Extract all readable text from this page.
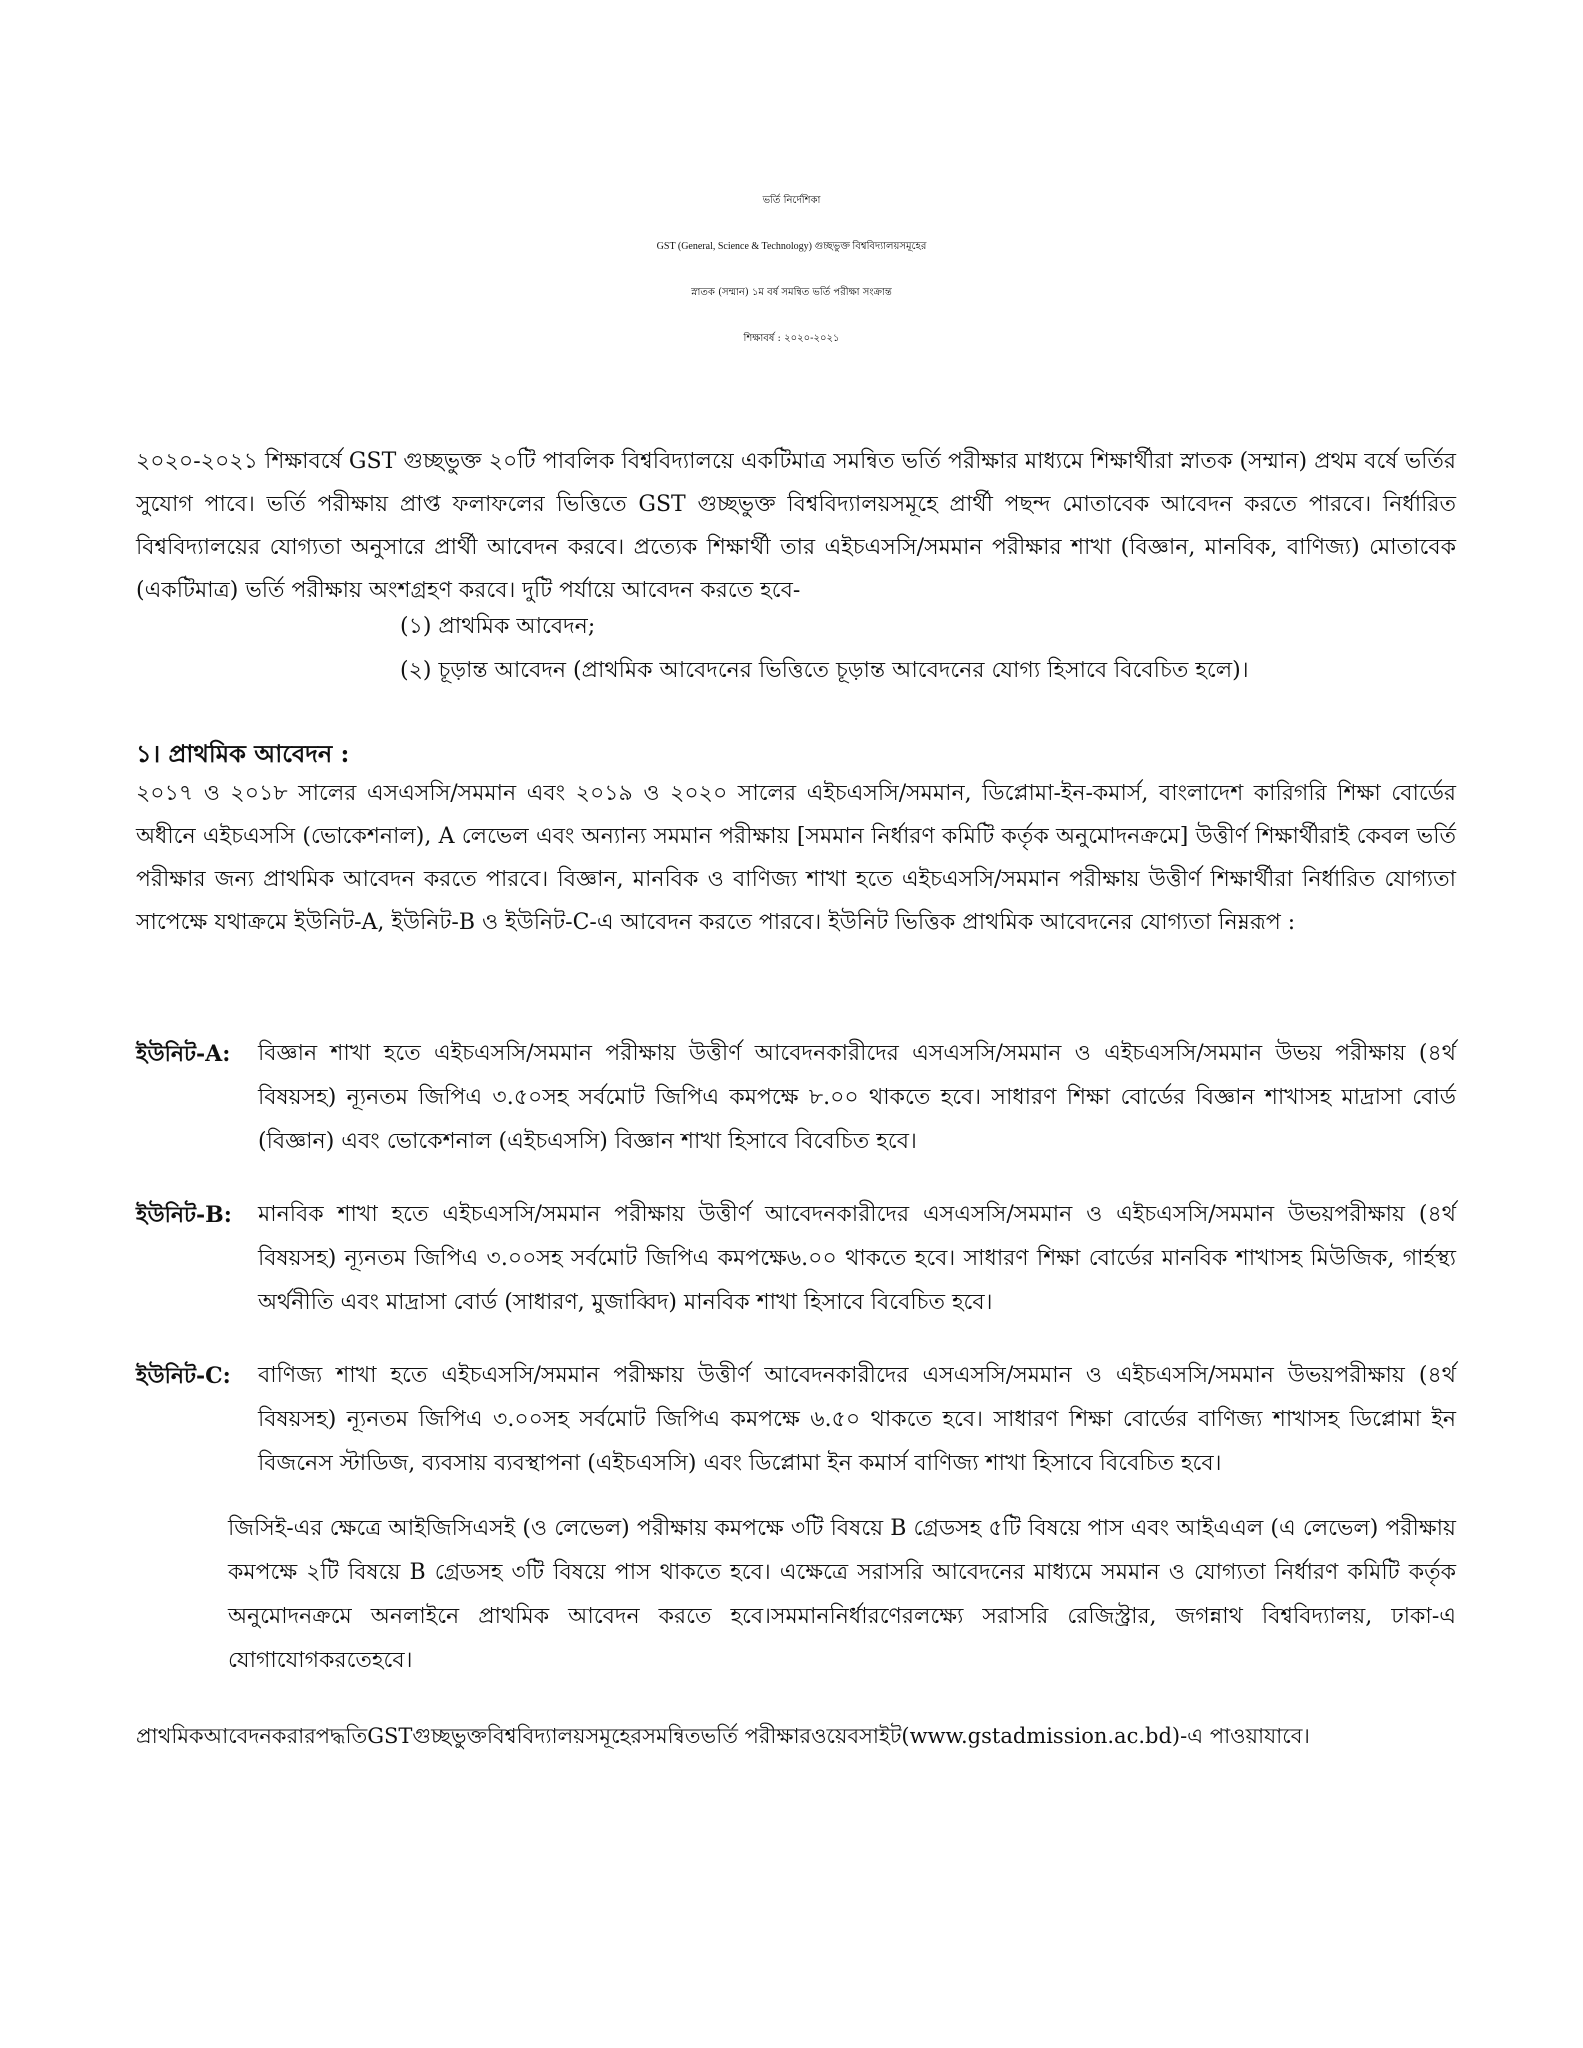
ভর্তি নির্দেশিকা
GST (General, Science & Technology) গুচ্ছভুক্ত বিশ্ববিদ্যালয়সমূহের
স্নাতক (সম্মান) ১ম বর্ষ সমন্বিত ভর্তি পরীক্ষা সংক্রান্ত
শিক্ষাবর্ষ : ২০২০-২০২১
২০২০-২০২১ শিক্ষাবর্ষে GST গুচ্ছভুক্ত ২০টি পাবলিক বিশ্ববিদ্যালয়ে একটিমাত্র সমন্বিত ভর্তি পরীক্ষার মাধ্যমে শিক্ষার্থীরা স্নাতক (সম্মান) প্রথম বর্ষে ভর্তির সুযোগ পাবে। ভর্তি পরীক্ষায় প্রাপ্ত ফলাফলের ভিত্তিতে GST গুচ্ছভুক্ত বিশ্ববিদ্যালয়সমূহে প্রার্থী পছন্দ মোতাবেক আবেদন করতে পারবে। নির্ধারিত বিশ্ববিদ্যালয়ের যোগ্যতা অনুসারে প্রার্থী আবেদন করবে। প্রত্যেক শিক্ষার্থী তার এইচএসসি/সমমান পরীক্ষার শাখা (বিজ্ঞান, মানবিক, বাণিজ্য) মোতাবেক (একটিমাত্র) ভর্তি পরীক্ষায় অংশগ্রহণ করবে। দুটি পর্যায়ে আবেদন করতে হবে-
(১) প্রাথমিক আবেদন;
(২) চূড়ান্ত আবেদন (প্রাথমিক আবেদনের ভিত্তিতে চূড়ান্ত আবেদনের যোগ্য হিসাবে বিবেচিত হলে)।
১। প্রাথমিক আবেদন :
২০১৭ ও ২০১৮ সালের এসএসসি/সমমান এবং ২০১৯ ও ২০২০ সালের এইচএসসি/সমমান, ডিপ্লোমা-ইন-কমার্স, বাংলাদেশ কারিগরি শিক্ষা বোর্ডের অধীনে এইচএসসি (ভোকেশনাল), A লেভেল এবং অন্যান্য সমমান পরীক্ষায় [সমমান নির্ধারণ কমিটি কর্তৃক অনুমোদনক্রমে] উত্তীর্ণ শিক্ষার্থীরাই কেবল ভর্তি পরীক্ষার জন্য প্রাথমিক আবেদন করতে পারবে। বিজ্ঞান, মানবিক ও বাণিজ্য শাখা হতে এইচএসসি/সমমান পরীক্ষায় উত্তীর্ণ শিক্ষার্থীরা নির্ধারিত যোগ্যতা সাপেক্ষে যথাক্রমে ইউনিট-A, ইউনিট-B ও ইউনিট-C-এ আবেদন করতে পারবে। ইউনিট ভিত্তিক প্রাথমিক আবেদনের যোগ্যতা নিম্নরূপ :
ইউনিট-A: বিজ্ঞান শাখা হতে এইচএসসি/সমমান পরীক্ষায় উত্তীর্ণ আবেদনকারীদের এসএসসি/সমমান ও এইচএসসি/সমমান উভয় পরীক্ষায় (৪র্থ বিষয়সহ) ন্যূনতম জিপিএ ৩.৫০সহ সর্বমোট জিপিএ কমপক্ষে ৮.০০ থাকতে হবে। সাধারণ শিক্ষা বোর্ডের বিজ্ঞান শাখাসহ মাদ্রাসা বোর্ড (বিজ্ঞান) এবং ভোকেশনাল (এইচএসসি) বিজ্ঞান শাখা হিসাবে বিবেচিত হবে।
ইউনিট-B: মানবিক শাখা হতে এইচএসসি/সমমান পরীক্ষায় উত্তীর্ণ আবেদনকারীদের এসএসসি/সমমান ও এইচএসসি/সমমান উভয়পরীক্ষায় (৪র্থ বিষয়সহ) ন্যূনতম জিপিএ ৩.০০সহ সর্বমোট জিপিএ কমপক্ষে৬.০০ থাকতে হবে। সাধারণ শিক্ষা বোর্ডের মানবিক শাখাসহ মিউজিক, গার্হস্থ্য অর্থনীতি এবং মাদ্রাসা বোর্ড (সাধারণ, মুজাব্বিদ) মানবিক শাখা হিসাবে বিবেচিত হবে।
ইউনিট-C: বাণিজ্য শাখা হতে এইচএসসি/সমমান পরীক্ষায় উত্তীর্ণ আবেদনকারীদের এসএসসি/সমমান ও এইচএসসি/সমমান উভয়পরীক্ষায় (৪র্থ বিষয়সহ) ন্যূনতম জিপিএ ৩.০০সহ সর্বমোট জিপিএ কমপক্ষে ৬.৫০ থাকতে হবে। সাধারণ শিক্ষা বোর্ডের বাণিজ্য শাখাসহ ডিপ্লোমা ইন বিজনেস স্টাডিজ, ব্যবসায় ব্যবস্থাপনা (এইচএসসি) এবং ডিপ্লোমা ইন কমার্স বাণিজ্য শাখা হিসাবে বিবেচিত হবে।
জিসিই-এর ক্ষেত্রে আইজিসিএসই (ও লেভেল) পরীক্ষায় কমপক্ষে ৩টি বিষয়ে B গ্রেডসহ ৫টি বিষয়ে পাস এবং আইএএল (এ লেভেল) পরীক্ষায় কমপক্ষে ২টি বিষয়ে B গ্রেডসহ ৩টি বিষয়ে পাস থাকতে হবে। এক্ষেত্রে সরাসরি আবেদনের মাধ্যমে সমমান ও যোগ্যতা নির্ধারণ কমিটি কর্তৃক অনুমোদনক্রমে অনলাইনে প্রাথমিক আবেদন করতে হবে।সমমাননির্ধারণেরলক্ষ্যে সরাসরি রেজিস্ট্রার, জগন্নাথ বিশ্ববিদ্যালয়, ঢাকা-এ যোগাযোগকরতেহবে।
প্রাথমিকআবেদনকরারপদ্ধতিGSTগুচ্ছভুক্তবিশ্ববিদ্যালয়সমূহেরসমন্বিতভর্তি পরীক্ষারওয়েবসাইট(www.gstadmission.ac.bd)-এ পাওয়াযাবে।
